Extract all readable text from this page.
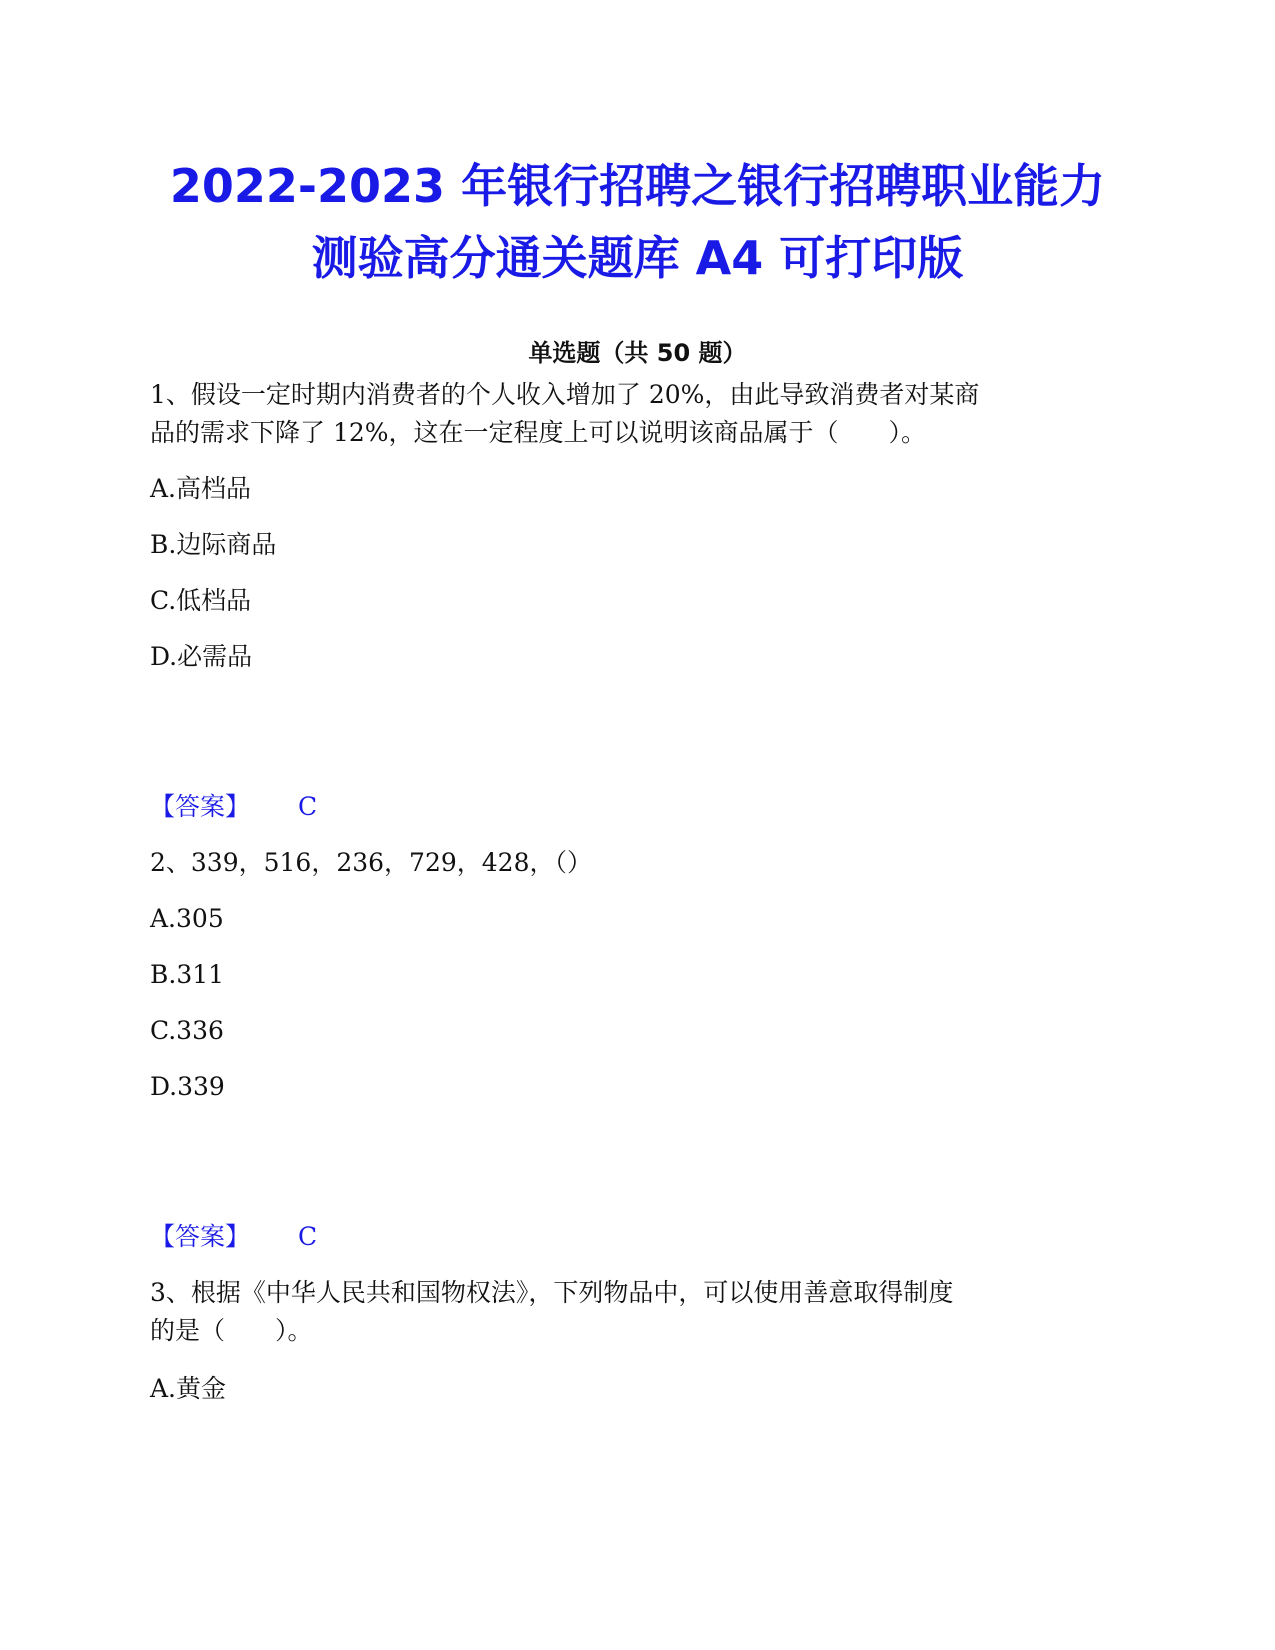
2022-2023 年银行招聘之银行招聘职业能力
测验高分通关题库 A4 可打印版
单选题（共 50 题）
1、假设一定时期内消费者的个人收入增加了 20%，由此导致消费者对某商
品的需求下降了 12%，这在一定程度上可以说明该商品属于（　　）。
A.高档品
B.边际商品
C.低档品
D.必需品
【答案】 C
2、339，516，236，729，428，（）
A.305
B.311
C.336
D.339
【答案】 C
3、根据《中华人民共和国物权法》，下列物品中，可以使用善意取得制度
的是（　　）。
A.黄金
